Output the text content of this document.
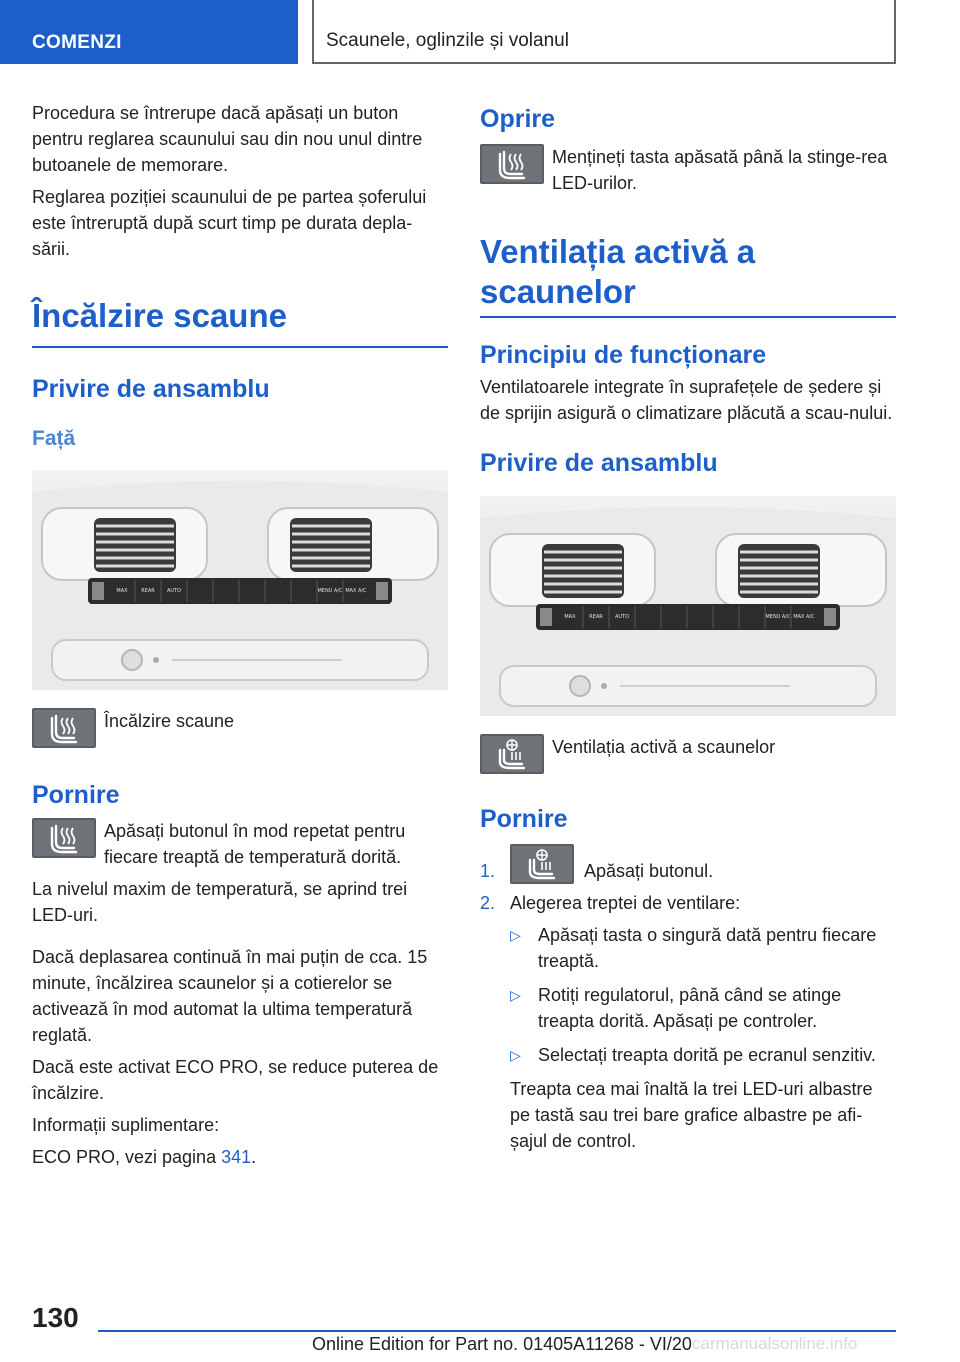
COMENZI	Scaunele, oglinzile și volanul

Procedura se întrerupe dacă apăsați un buton pentru reglarea scaunului sau din nou unul dintre butoanele de memorare.

Reglarea poziției scaunului de pe partea șoferului este întreruptă după scurt timp pe durata depla‐sării.

Încălzire scaune
Privire de ansamblu
Față
MAX	REAR AUTO	MENU A/C MAX A/C
Încălzire scaune
Pornire
Apăsați butonul în mod repetat pentru fiecare treaptă de temperatură dorită.

La nivelul maxim de temperatură, se aprind trei LED-uri.

Dacă deplasarea continuă în mai puțin de cca. 15 minute, încălzirea scaunelor și a cotierelor se activează în mod automat la ultima temperatură reglată.

Dacă este activat ECO PRO, se reduce puterea de încălzire.

Informații suplimentare:

ECO PRO, vezi pagina 341.

Oprire
Mențineți tasta apăsată până la stinge‐rea LED-urilor.
Ventilația activă a
scaunelor
Principiu de funcționare

Ventilatoarele integrate în suprafețele de ședere și de sprijin asigură o climatizare plăcută a scau‐nului.

Privire de ansamblu
MAX	REAR AUTO	MENU A/C MAX A/C
Ventilația activă a scaunelor
Pornire
1.	Apăsați butonul.
2. Alegerea treptei de ventilare:
▷ Apăsați tasta o singură dată pentru fiecare treaptă.
▷ Rotiți regulatorul, până când se atinge treapta dorită. Apăsați pe controler.
▷ Selectați treapta dorită pe ecranul senzitiv.
Treapta cea mai înaltă la trei LED-uri albastre pe tastă sau trei bare grafice albastre pe afi‐șajul de control.
130
Online Edition for Part no. 01405A11268 - VI/20 carmanualsonline.info
